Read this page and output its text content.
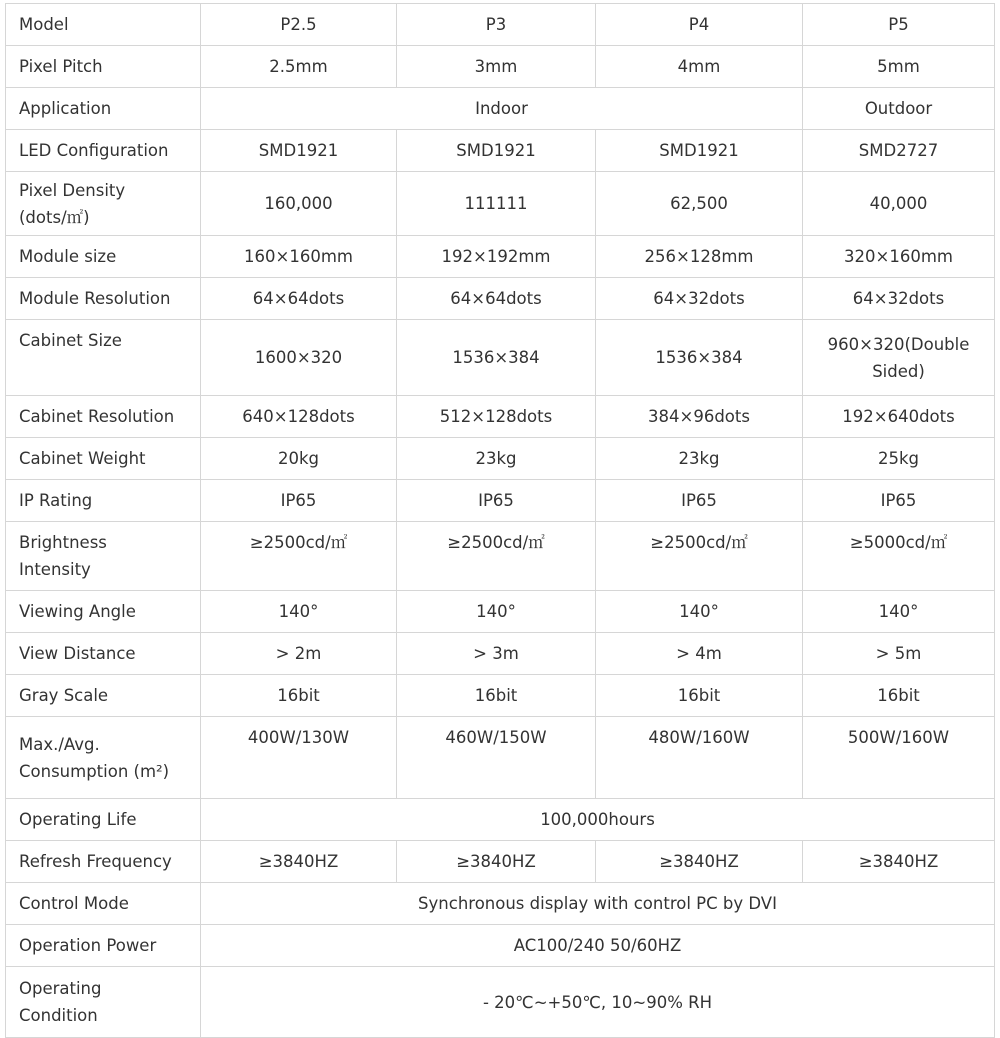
Model	P2.5	P3	P4	P5
Pixel Pitch	2.5mm	3mm	4mm	5mm
Application	Indoor			Outdoor
LED Configuration	SMD1921	SMD1921	SMD1921	SMD2727
Pixel Density
(dots/㎡)	160,000	111111	62,500	40,000
Module size	160×160mm	192×192mm	256×128mm	320×160mm
Module Resolution	64×64dots	64×64dots	64×32dots	64×32dots
Cabinet Size	1600×320	1536×384	1536×384	960×320(Double
Sided)
Cabinet Resolution	640×128dots	512×128dots	384×96dots	192×640dots
Cabinet Weight	20kg	23kg	23kg	25kg
IP Rating	IP65	IP65	IP65	IP65
Brightness
Intensity	≥2500cd/㎡	≥2500cd/㎡	≥2500cd/㎡	≥5000cd/㎡
Viewing Angle	140°	140°	140°	140°
View Distance	> 2m	> 3m	> 4m	> 5m
Gray Scale	16bit	16bit	16bit	16bit
Max./Avg.
Consumption (m²)	400W/130W	460W/150W	480W/160W	500W/160W
Operating Life	100,000hours			
Refresh Frequency	≥3840HZ	≥3840HZ	≥3840HZ	≥3840HZ
Control Mode	Synchronous display with control PC by DVI			
Operation Power	AC100/240 50/60HZ			
Operating
Condition	- 20℃~+50℃, 10~90% RH			
